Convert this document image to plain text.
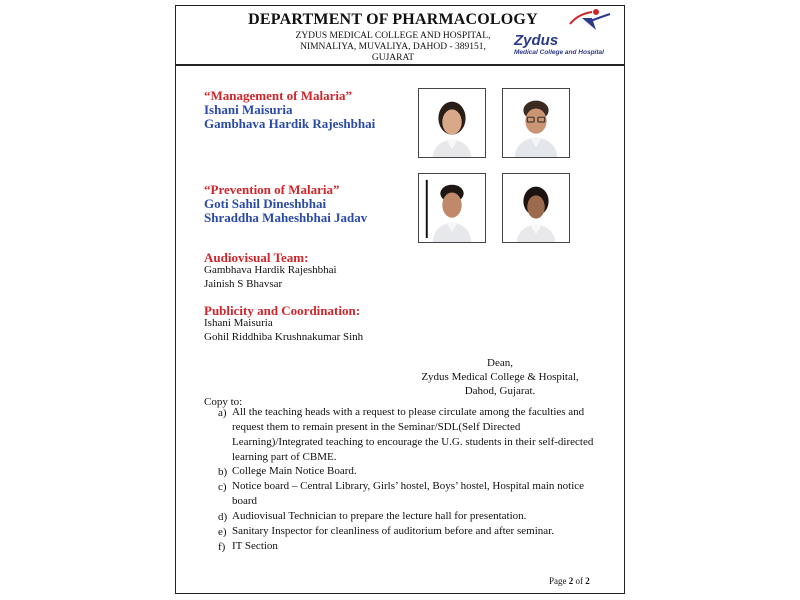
DEPARTMENT OF PHARMACOLOGY
ZYDUS MEDICAL COLLEGE AND HOSPITAL,
NIMNALIYA, MUVALIYA, DAHOD - 389151,
GUJARAT
Zydus
Medical College and Hospital
“Management of Malaria”
Ishani Maisuria
Gambhava Hardik Rajeshbhai
“Prevention of Malaria”
Goti Sahil Dineshbhai
Shraddha Maheshbhai Jadav
Audiovisual Team:
Gambhava Hardik Rajeshbhai
Jainish S Bhavsar
Publicity and Coordination:
Ishani Maisuria
Gohil Riddhiba Krushnakumar Sinh
Dean,
Zydus Medical College & Hospital,
Dahod, Gujarat.
Copy to:
a) All the teaching heads with a request to please circulate among the faculties and request them to remain present in the Seminar/SDL(Self Directed Learning)/Integrated teaching to encourage the U.G. students in their self-directed learning part of CBME.
b) College Main Notice Board.
c) Notice board – Central Library, Girls’ hostel, Boys’ hostel, Hospital main notice board
d) Audiovisual Technician to prepare the lecture hall for presentation.
e) Sanitary Inspector for cleanliness of auditorium before and after seminar.
f) IT Section
Page 2 of 2
